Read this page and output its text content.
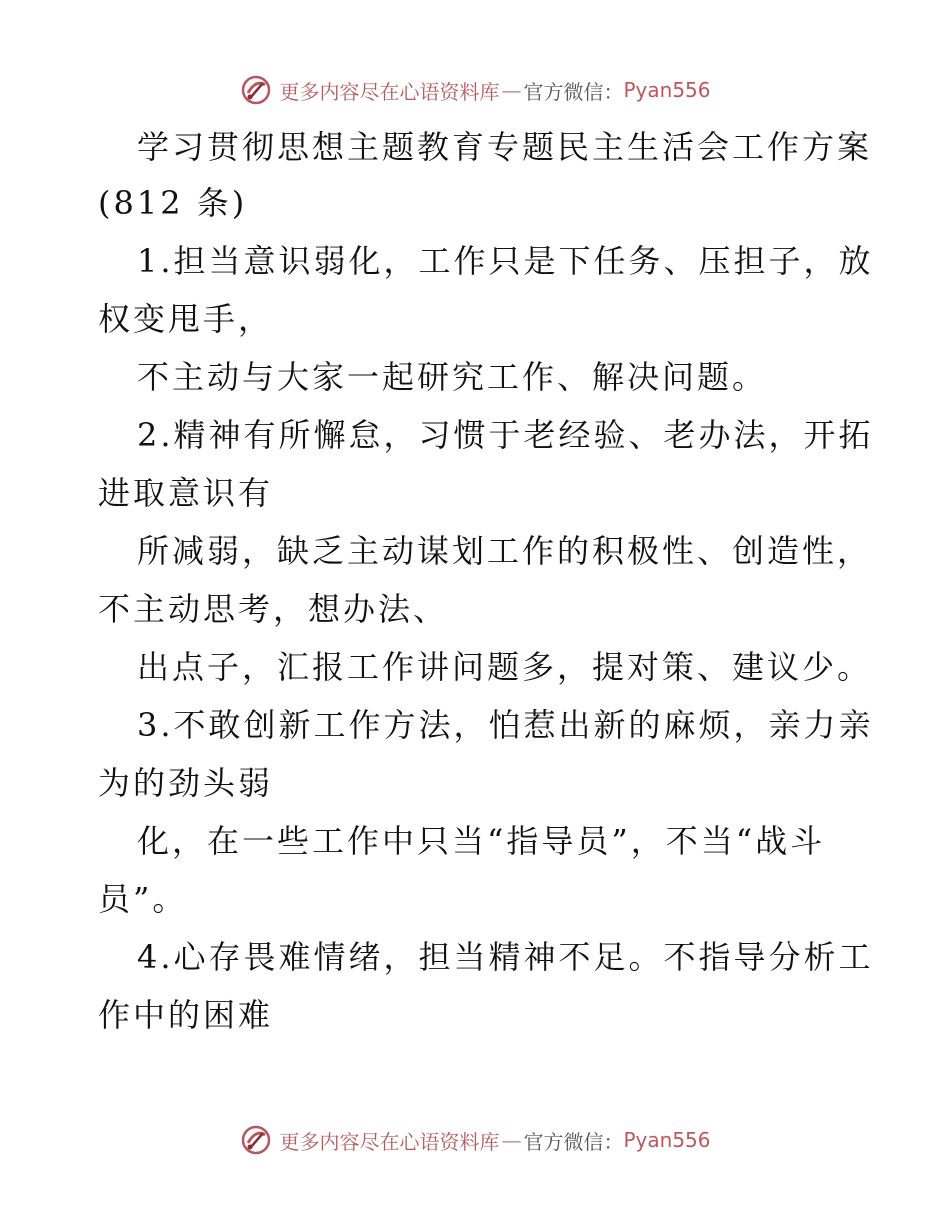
更多内容尽在心语资料库 — 官方微信： Pyan556
学习贯彻思想主题教育专题民主生活会工作方案
(812 条)
1.担当意识弱化，工作只是下任务、压担子，放
权变甩手，
不主动与大家一起研究工作、解决问题。
2.精神有所懈怠，习惯于老经验、老办法，开拓
进取意识有
所减弱，缺乏主动谋划工作的积极性、创造性，
不主动思考，想办法、
出点子，汇报工作讲问题多，提对策、建议少。
3.不敢创新工作方法，怕惹出新的麻烦，亲力亲
为的劲头弱
化，在一些工作中只当“指导员”，不当“战斗
员”。
4.心存畏难情绪，担当精神不足。不指导分析工
作中的困难
更多内容尽在心语资料库 — 官方微信： Pyan556
